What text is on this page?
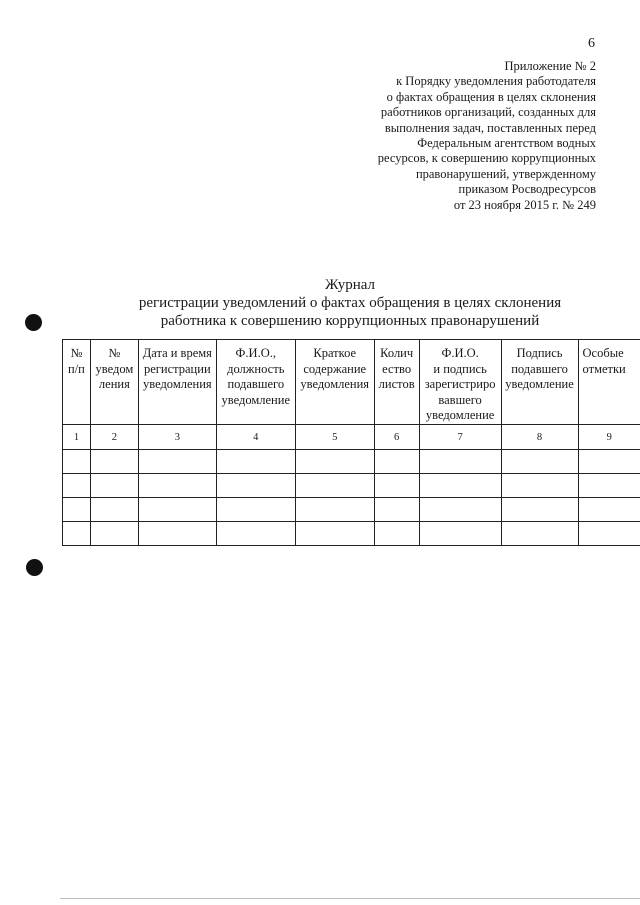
6
Приложение № 2
к Порядку уведомления работодателя
о фактах обращения в целях склонения
работников организаций, созданных для
выполнения задач, поставленных перед
Федеральным агентством водных
ресурсов, к совершению коррупционных
правонарушений, утвержденному
приказом Росводресурсов
от 23 ноября 2015 г. № 249
Журнал
регистрации уведомлений о фактах обращения в целях склонения
работника к совершению коррупционных правонарушений
№
п/п	№
уведом
ления	Дата и время
регистрации
уведомления	Ф.И.О.,
должность
подавшего
уведомление	Краткое
содержание
уведомления	Колич
ество
листов	Ф.И.О.
и подпись
зарегистриро
вавшего
уведомление	Подпись
подавшего
уведомление	Особые
отметки

1	2	3	4	5	6	7	8	9
